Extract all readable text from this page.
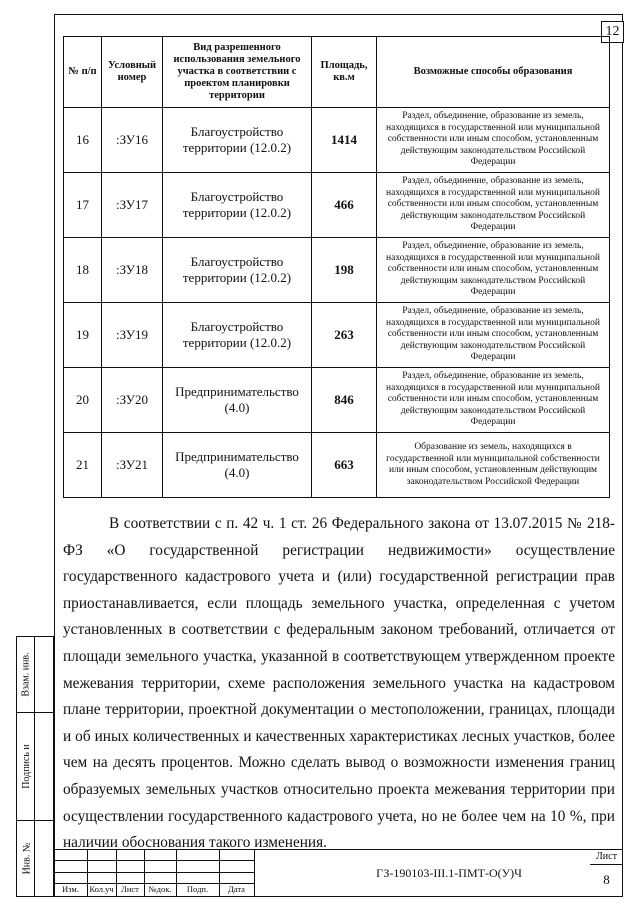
12
№ п/п	Условный номер	Вид разрешенного использования земельного участка в соответствии с проектом планировки территории	Площадь, кв.м	Возможные способы образования
16	:ЗУ16	Благоустройство территории (12.0.2)	1414	Раздел, объединение, образование из земель, находящихся в государственной или муниципальной собственности или иным способом, установленным действующим законодательством Российской Федерации
17	:ЗУ17	Благоустройство территории (12.0.2)	466	Раздел, объединение, образование из земель, находящихся в государственной или муниципальной собственности или иным способом, установленным действующим законодательством Российской Федерации
18	:ЗУ18	Благоустройство территории (12.0.2)	198	Раздел, объединение, образование из земель, находящихся в государственной или муниципальной собственности или иным способом, установленным действующим законодательством Российской Федерации
19	:ЗУ19	Благоустройство территории (12.0.2)	263	Раздел, объединение, образование из земель, находящихся в государственной или муниципальной собственности или иным способом, установленным действующим законодательством Российской Федерации
20	:ЗУ20	Предпринимательство (4.0)	846	Раздел, объединение, образование из земель, находящихся в государственной или муниципальной собственности или иным способом, установленным действующим законодательством Российской Федерации
21	:ЗУ21	Предпринимательство (4.0)	663	Образование из земель, находящихся в государственной или муниципальной собственности или иным способом, установленным действующим законодательством Российской Федерации

В соответствии с п. 42 ч. 1 ст. 26 Федерального закона от 13.07.2015 № 218-ФЗ «О государственной регистрации недвижимости» осуществление государственного кадастрового учета и (или) государственной регистрации прав приостанавливается, если площадь земельного участка, определенная с учетом установленных в соответствии с федеральным законом требований, отличается от площади земельного участка, указанной в соответствующем утвержденном проекте межевания территории, схеме расположения земельного участка на кадастровом плане территории, проектной документации о местоположении, границах, площади и об иных количественных и качественных характеристиках лесных участков, более чем на десять процентов. Можно сделать вывод о возможности изменения границ образуемых земельных участков относительно проекта межевания территории при осуществлении государственного кадастрового учета, но не более чем на 10 %, при наличии обоснования такого изменения.

Взам. инв.
Подпись и
Инв. №
Изм.	Кол.уч Лист	№док.	Подп.	Дата
ГЗ-190103-III.1-ПМТ-О(У)Ч
Лист
8
